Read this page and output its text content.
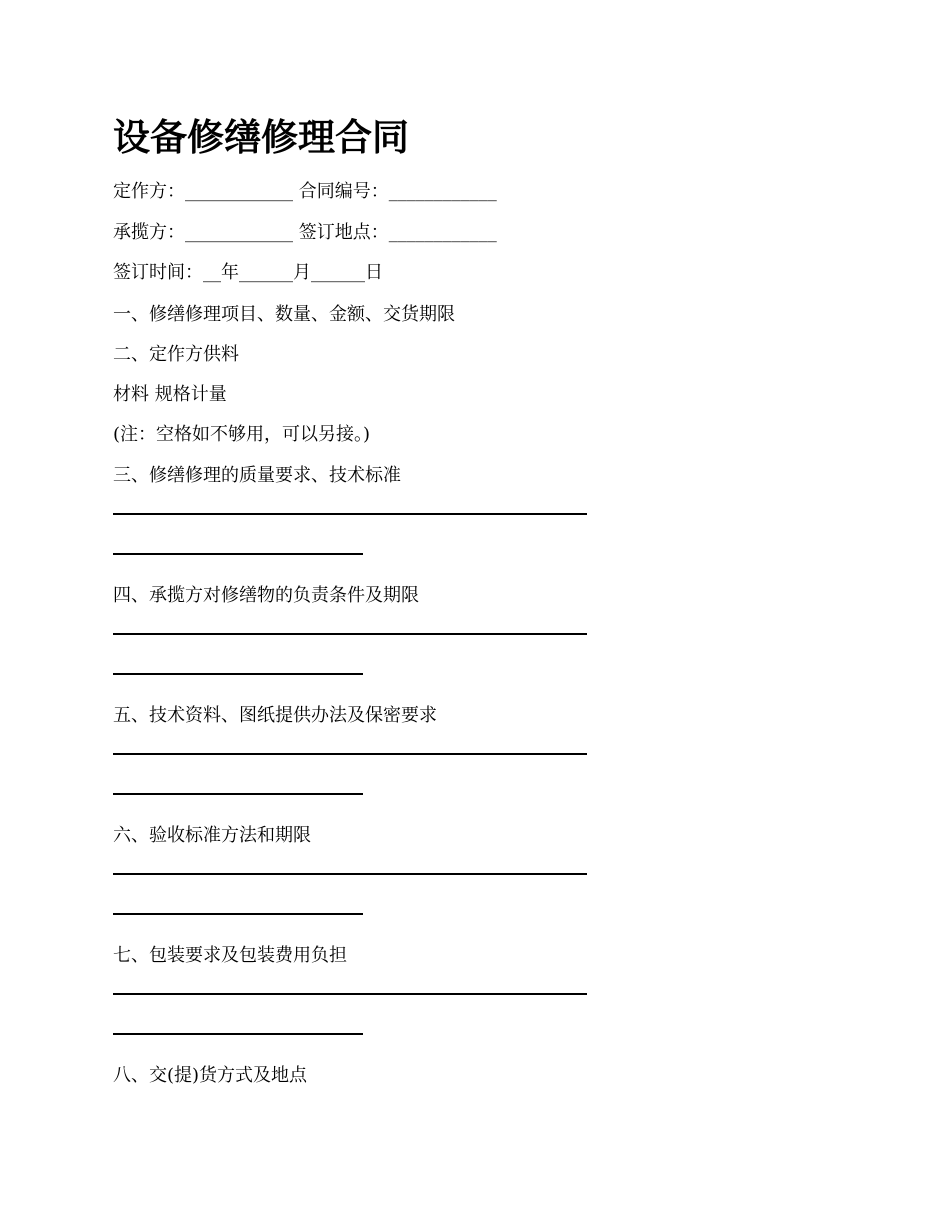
设备修缮修理合同
定作方：____________ 合同编号：____________
承揽方：____________ 签订地点：____________
签订时间：__年______月______日
一、修缮修理项目、数量、金额、交货期限
二、定作方供料
材料 规格计量
(注：空格如不够用，可以另接。)
三、修缮修理的质量要求、技术标准
四、承揽方对修缮物的负责条件及期限
五、技术资料、图纸提供办法及保密要求
六、验收标准方法和期限
七、包装要求及包装费用负担
八、交(提)货方式及地点
